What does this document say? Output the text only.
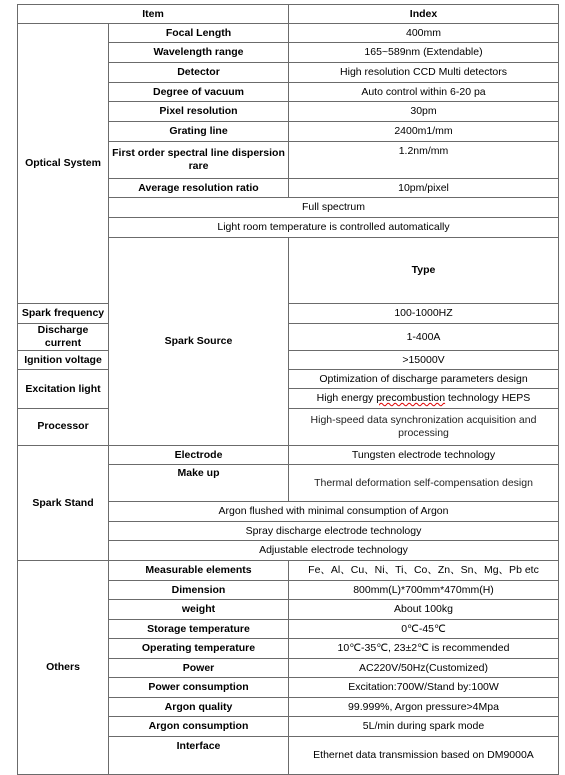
Item		Index	
Optical System	Focal Length	400mm	
	Wavelength range	165~589nm (Extendable)	
	Detector	High resolution CCD Multi detectors	
	Degree of vacuum	Auto control within 6-20 pa	
	Pixel resolution	30pm	
	Grating line	2400m1/mm	
	First order spectral line dispersion rare	1.2nm/mm	
	Average resolution ratio	10pm/pixel	
	Full spectrum		
	Light room temperature is controlled automatically		
	Spark Source	Type	
Spark frequency		100-1000HZ	
Discharge current		1-400A	
Ignition voltage		>15000V	
Excitation light		Optimization of discharge parameters design	
		High energy precombustion technology HEPS	
Processor		High-speed data synchronization acquisition and processing	
Spark Stand	Electrode	Tungsten electrode technology	
	Make up	Thermal deformation self-compensation design	
	Argon flushed with minimal consumption of Argon		
	Spray discharge electrode technology		
	Adjustable electrode technology		
Others	Measurable elements	Fe、Al、Cu、Ni、Ti、Co、Zn、Sn、Mg、Pb etc	
	Dimension	800mm(L)*700mm*470mm(H)	
	weight	About 100kg	
	Storage temperature	0℃-45℃	
	Operating temperature	10℃-35℃, 23±2℃ is recommended	
	Power	AC220V/50Hz(Customized)	
	Power consumption	Excitation:700W/Stand by:100W	
	Argon quality	99.999%, Argon pressure>4Mpa	
	Argon consumption	5L/min during spark mode	
	Interface	Ethernet data transmission based on DM9000A	
